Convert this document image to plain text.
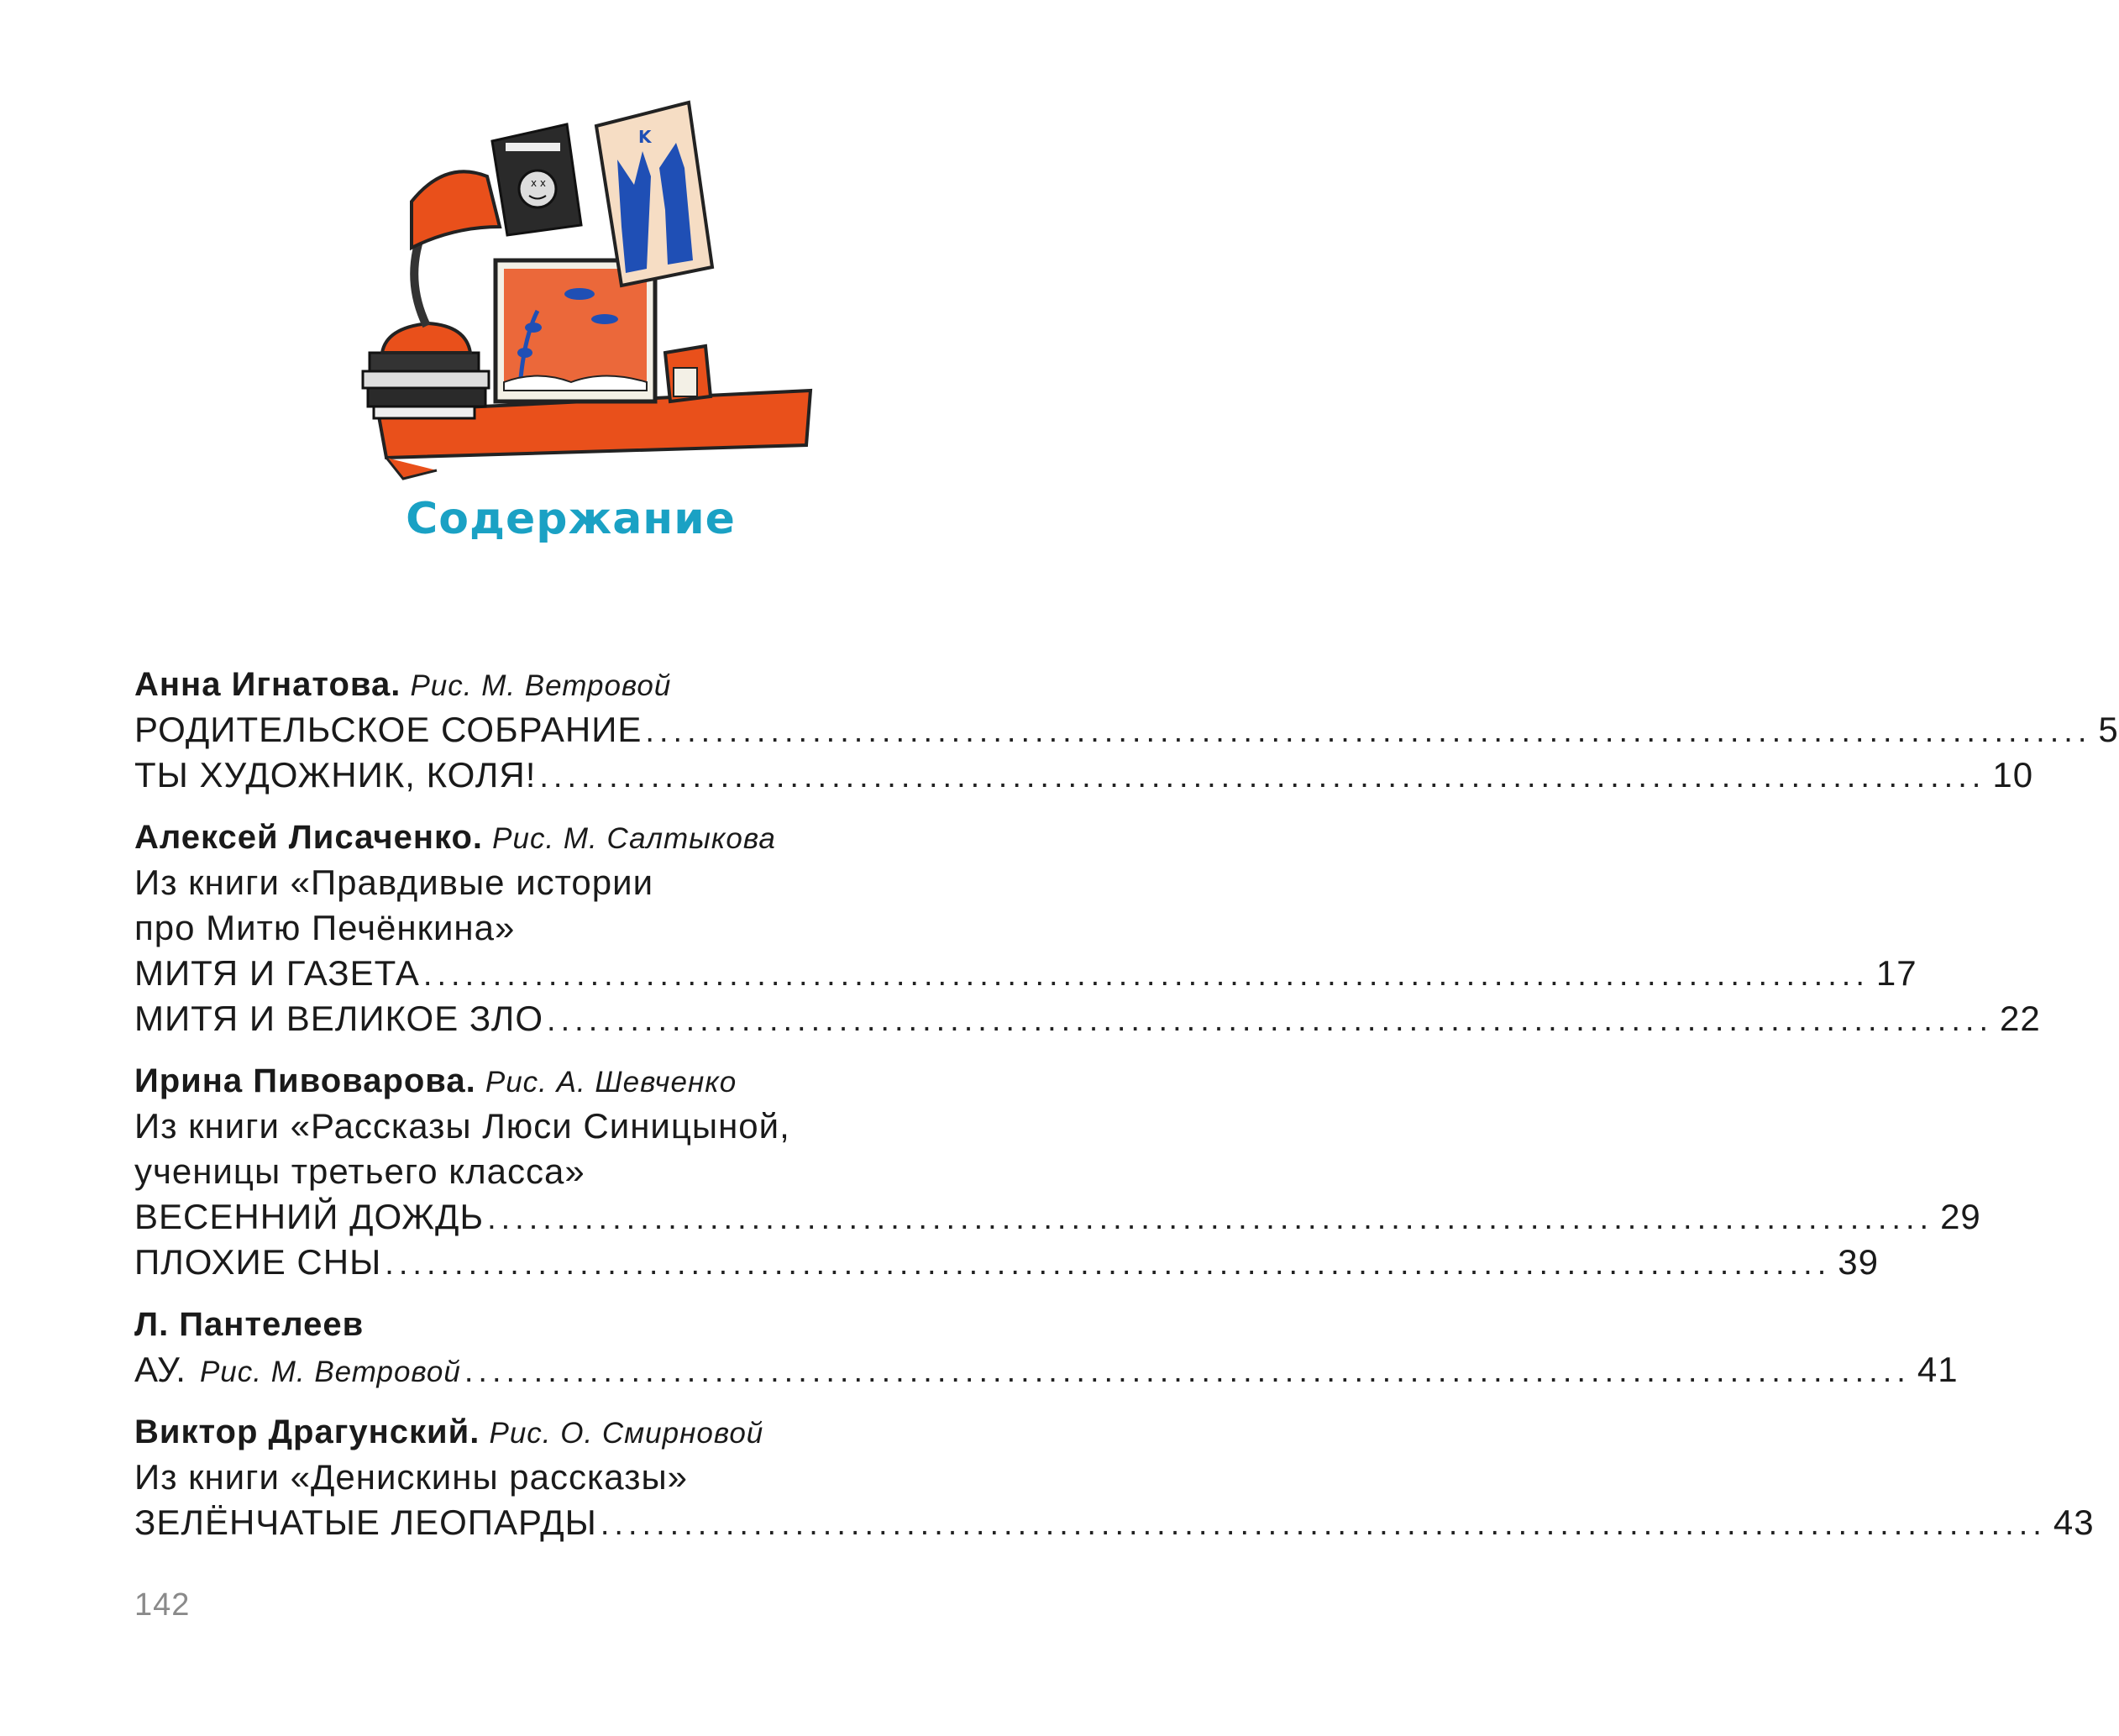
x x
K
Содержание
Анна Игнатова. Рис. М. Ветровой
РОДИТЕЛЬСКОЕ СОБРАНИЕ ........................................................................................................ 5
ТЫ ХУДОЖНИК, КОЛЯ! ........................................................................................................ 10
Алексей Лисаченко. Рис. М. Салтыкова
Из книги «Правдивые истории
про Митю Печёнкина»
МИТЯ И ГАЗЕТА ........................................................................................................ 17
МИТЯ И ВЕЛИКОЕ ЗЛО ........................................................................................................ 22
Ирина Пивоварова. Рис. А. Шевченко
Из книги «Рассказы Люси Синицыной,
ученицы третьего класса»
ВЕСЕННИЙ ДОЖДЬ ........................................................................................................ 29
ПЛОХИЕ СНЫ ........................................................................................................ 39
Л. Пантелеев
АУ. Рис. М. Ветровой ........................................................................................................ 41
Виктор Драгунский. Рис. О. Смирновой
Из книги «Денискины рассказы»
ЗЕЛЁНЧАТЫЕ ЛЕОПАРДЫ ........................................................................................................ 43
142
